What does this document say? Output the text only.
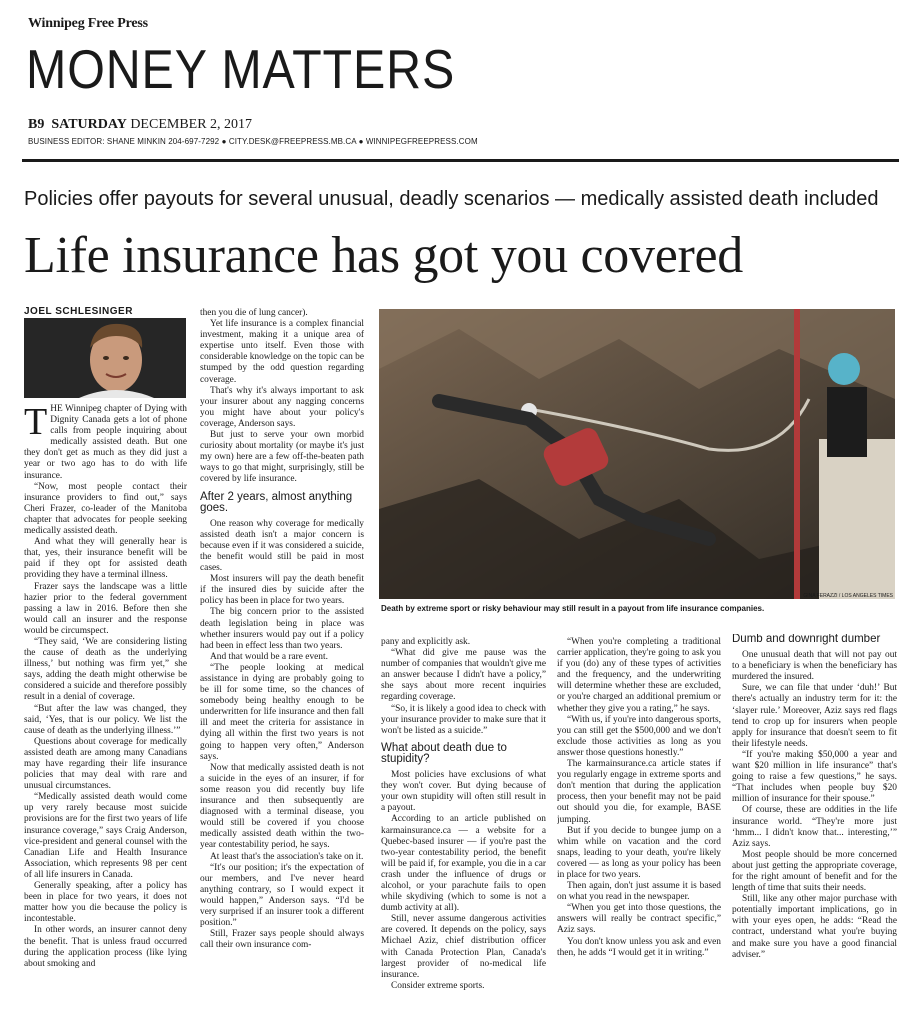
Winnipeg Free Press
MONEY MATTERS
B9 SATURDAY DECEMBER 2, 2017
BUSINESS EDITOR: SHANE MINKIN 204-697-7292 ● CITY.DESK@FREEPRESS.MB.CA ● WINNIPEGFREEPRESS.COM
Policies offer payouts for several unusual, deadly scenarios — medically assisted death included
Life insurance has got you covered
JOEL SCHLESINGER

THE Winnipeg chapter of Dying with Dignity Canada gets a lot of phone calls from people inquiring about medically assisted death. But one they don't get as much as they did just a year or two ago has to do with life insurance.

“Now, most people contact their insurance providers to find out,” says Cheri Frazer, co-leader of the Manitoba chapter that advocates for people seeking medically assisted death.

And what they will generally hear is that, yes, their insurance benefit will be paid if they opt for assisted death providing they have a terminal illness.

Frazer says the landscape was a little hazier prior to the federal government passing a law in 2016. Before then she would call an insurer and the response would be circumspect.

“They said, ‘We are considering listing the cause of death as the underlying illness,’ but nothing was firm yet,” she says, adding the death might otherwise be considered a suicide and therefore possibly result in a denial of coverage.

“But after the law was changed, they said, ‘Yes, that is our policy. We list the cause of death as the underlying illness.’”

Questions about coverage for medically assisted death are among many Canadians may have regarding their life insurance policies that may deal with rare and unusual circumstances.

“Medically assisted death would come up very rarely because most suicide provisions are for the first two years of life insurance coverage,” says Craig Anderson, vice-president and general counsel with the Canadian Life and Health Insurance Association, which represents 98 per cent of all life insurers in Canada.

Generally speaking, after a policy has been in place for two years, it does not matter how you die because the policy is incontestable.

In other words, an insurer cannot deny the benefit. That is unless fraud occurred during the application process (like lying about smoking and

then you die of lung cancer).

Yet life insurance is a complex financial investment, making it a unique area of expertise unto itself. Even those with considerable knowledge on the topic can be stumped by the odd question regarding coverage.

That's why it's always important to ask your insurer about any nagging concerns you might have about your policy's coverage, Anderson says.

But just to serve your own morbid curiosity about mortality (or maybe it's just my own) here are a few off-the-beaten path ways to go that might, surprisingly, still be covered by life insurance.

After 2 years, almost anything goes.

One reason why coverage for medically assisted death isn't a major concern is because even if it was considered a suicide, the benefit would still be paid in most cases.

Most insurers will pay the death benefit if the insured dies by suicide after the policy has been in place for two years.

The big concern prior to the assisted death legislation being in place was whether insurers would pay out if a policy had been in effect less than two years.

And that would be a rare event.

“The people looking at medical assistance in dying are probably going to be ill for some time, so the chances of somebody being healthy enough to be underwritten for life insurance and then fall ill and meet the criteria for assistance in dying all within the first two years is not going to happen very often,” Anderson says.

Now that medically assisted death is not a suicide in the eyes of an insurer, if for some reason you did recently buy life insurance and then subsequently are diagnosed with a terminal disease, you would still be covered if you choose medically assisted death within the two-year contestability period, he says.

At least that's the association's take on it.

“It's our position; it's the expectation of our members, and I've never heard anything contrary, so I would expect it would happen,” Anderson says. “I'd be very surprised if an insurer took a different position.”

Still, Frazer says people should always call their own insurance com-

GINA FERAZZI / LOS ANGELES TIMES
Death by extreme sport or risky behaviour may still result in a payout from life insurance companies.

pany and explicitly ask.

“What did give me pause was the number of companies that wouldn't give me an answer because I didn't have a policy,” she says about more recent inquiries regarding coverage.

“So, it is likely a good idea to check with your insurance provider to make sure that it won't be listed as a suicide.”

What about death due to stupidity?

Most policies have exclusions of what they won't cover. But dying because of your own stupidity will often still result in a payout.

According to an article published on karmainsurance.ca — a website for a Quebec-based insurer — if you're past the two-year contestability period, the benefit will be paid if, for example, you die in a car crash under the influence of drugs or alcohol, or your parachute fails to open while skydiving (which to some is not a dumb activity at all).

Still, never assume dangerous activities are covered. It depends on the policy, says Michael Aziz, chief distribution officer with Canada Protection Plan, Canada's largest provider of no-medical life insurance.

Consider extreme sports.

“When you're completing a traditional carrier application, they're going to ask you if you (do) any of these types of activities and the frequency, and the underwriting will determine whether these are excluded, or you're charged an additional premium or whether they give you a rating,” he says.

“With us, if you're into dangerous sports, you can still get the $500,000 and we don't exclude those activities as long as you answer those questions honestly.”

The karmainsurance.ca article states if you regularly engage in extreme sports and don't mention that during the application process, then your benefit may not be paid out should you die, for example, BASE jumping.

But if you decide to bungee jump on a whim while on vacation and the cord snaps, leading to your death, you're likely covered — as long as your policy has been in place for two years.

Then again, don't just assume it is based on what you read in the newspaper.

“When you get into those questions, the answers will really be contract specific,” Aziz says.

You don't know unless you ask and even then, he adds “I would get it in writing.”

Dumb and downright dumber

One unusual death that will not pay out to a beneficiary is when the beneficiary has murdered the insured.

Sure, we can file that under ‘duh!’ But there's actually an industry term for it: the ‘slayer rule.’ Moreover, Aziz says red flags tend to crop up for insurers when people apply for insurance that doesn't seem to fit their lifestyle needs.

“If you're making $50,000 a year and want $20 million in life insurance” that's going to raise a few questions,” he says. “That includes when people buy $20 million of insurance for their spouse.”

Of course, these are oddities in the life insurance world. “They're more just ‘hmm... I didn't know that... interesting,’” Aziz says.

Most people should be more concerned about just getting the appropriate coverage, for the right amount of benefit and for the length of time that suits their needs.

Still, like any other major purchase with potentially important implications, go in with your eyes open, he adds: “Read the contract, understand what you're buying and make sure you have a good financial adviser.”
